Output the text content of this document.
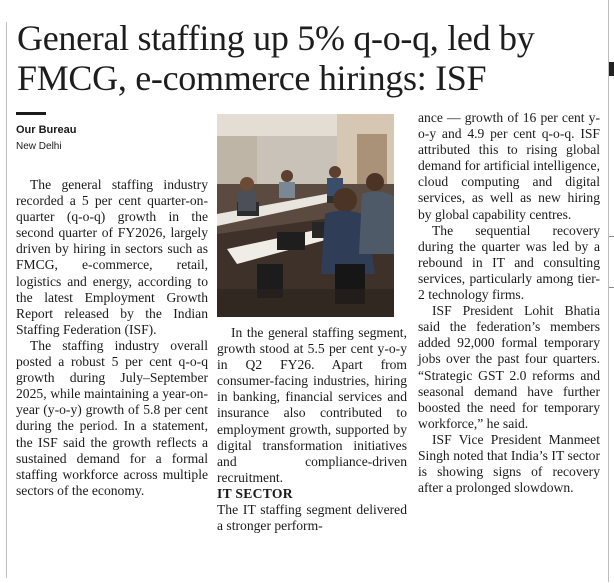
General staffing up 5% q-o-q, led by FMCG, e-commerce hirings: ISF
Our Bureau
New Delhi

The general staffing industry recorded a 5 per cent quarter-on-quarter (q-o-q) growth in the second quarter of FY2026, largely driven by hiring in sectors such as FMCG, e-commerce, retail, logistics and energy, according to the latest Employment Growth Report released by the Indian Staffing Federation (ISF).

The staffing industry overall posted a robust 5 per cent q-o-q growth during July–September 2025, while maintaining a year-on-year (y-o-y) growth of 5.8 per cent during the period. In a statement, the ISF said the growth reflects a sustained demand for a formal staffing workforce across multiple sectors of the economy.

In the general staffing segment, growth stood at 5.5 per cent y-o-y in Q2 FY26. Apart from consumer-facing industries, hiring in banking, financial services and insurance also contributed to employment growth, supported by digital transformation initiatives and compliance-driven recruitment.

IT SECTOR

The IT staffing segment delivered a stronger perform-

ance — growth of 16 per cent y-o-y and 4.9 per cent q-o-q. ISF attributed this to rising global demand for artificial intelligence, cloud computing and digital services, as well as new hiring by global capability centres.

The sequential recovery during the quarter was led by a rebound in IT and consulting services, particularly among tier-2 technology firms.

ISF President Lohit Bhatia said the federation’s members added 92,000 formal temporary jobs over the past four quarters. “Strategic GST 2.0 reforms and seasonal demand have further boosted the need for temporary workforce,” he said.

ISF Vice President Manmeet Singh noted that India’s IT sector is showing signs of recovery after a prolonged slowdown.
